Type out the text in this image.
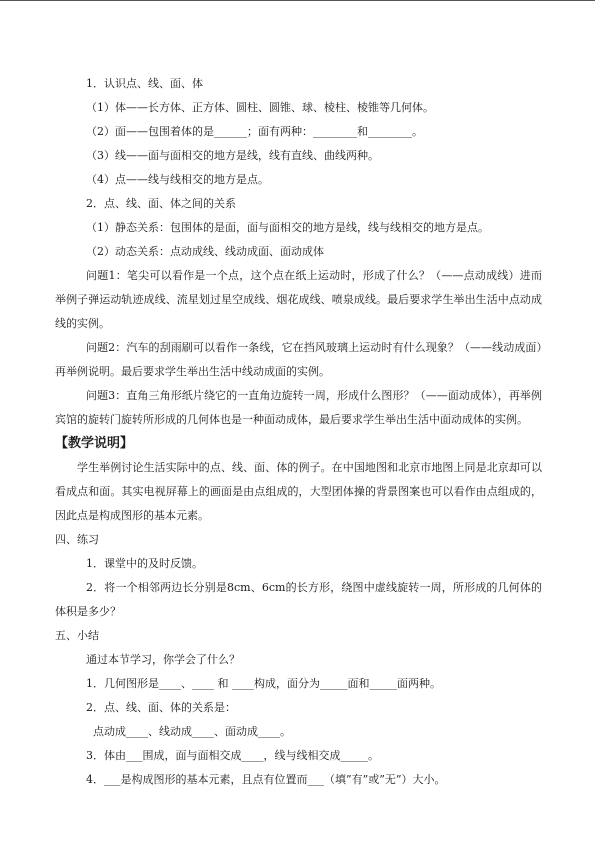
1．认识点、线、面、体

（1）体——长方体、正方体、圆柱、圆锥、球、棱柱、棱锥等几何体。

（2）面——包围着体的是______；面有两种：________和________。

（3）线——面与面相交的地方是线，线有直线、曲线两种。

（4）点——线与线相交的地方是点。

2．点、线、面、体之间的关系

（1）静态关系：包围体的是面，面与面相交的地方是线，线与线相交的地方是点。

（2）动态关系：点动成线、线动成面、面动成体

问题1：笔尖可以看作是一个点，这个点在纸上运动时，形成了什么？（——点动成线）进而举例子弹运动轨迹成线、流星划过星空成线、烟花成线、喷泉成线。最后要求学生举出生活中点动成线的实例。

问题2：汽车的刮雨刷可以看作一条线，它在挡风玻璃上运动时有什么现象？（——线动成面）再举例说明。最后要求学生举出生活中线动成面的实例。

问题3：直角三角形纸片绕它的一直角边旋转一周，形成什么图形？（——面动成体），再举例宾馆的旋转门旋转所形成的几何体也是一种面动成体，最后要求学生举出生活中面动成体的实例。

【教学说明】

学生举例讨论生活实际中的点、线、面、体的例子。在中国地图和北京市地图上同是北京却可以看成点和面。其实电视屏幕上的画面是由点组成的，大型团体操的背景图案也可以看作由点组成的，因此点是构成图形的基本元素。

四、练习

1．课堂中的及时反馈。

2．将一个相邻两边长分别是8cm、6cm的长方形，绕图中虚线旋转一周，所形成的几何体的体积是多少？

五、小结

通过本节学习，你学会了什么？

1．几何图形是____、____ 和 ____构成，面分为_____面和_____面两种。

2．点、线、面、体的关系是：

点动成____、线动成____、面动成____。

3．体由___围成，面与面相交成____，线与线相交成_____。

4．___是构成图形的基本元素，且点有位置而___（填”有”或”无”）大小。
